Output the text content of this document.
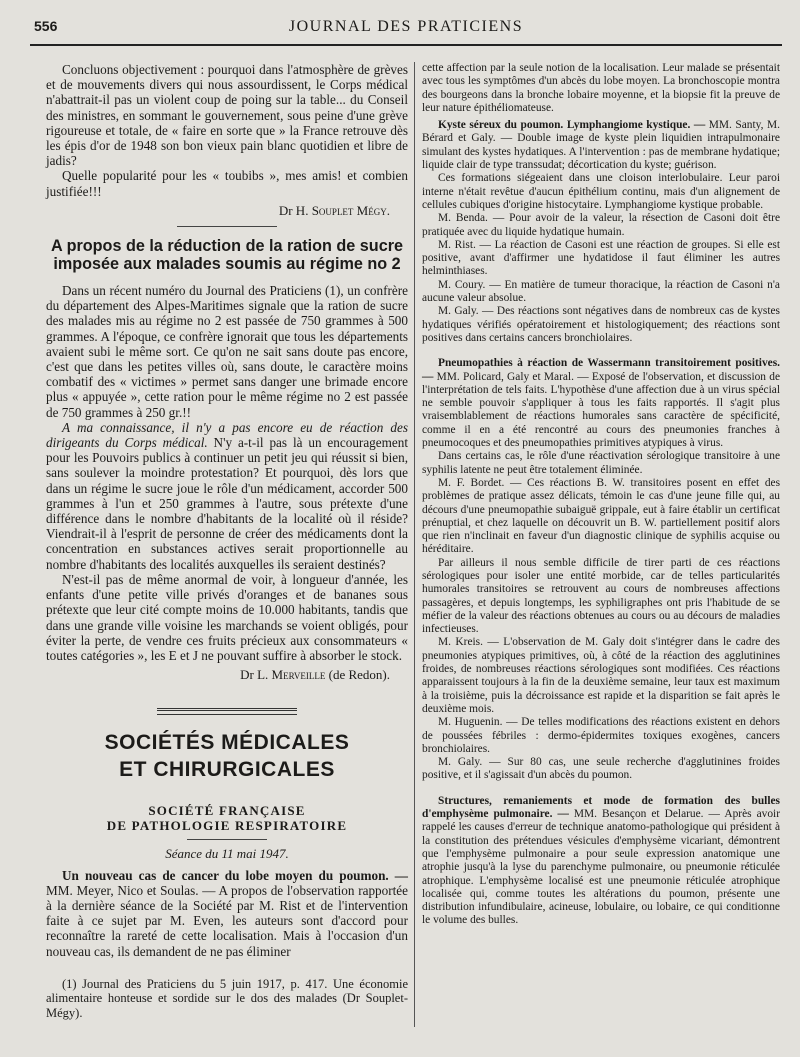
556	JOURNAL DES PRATICIENS

Concluons objectivement : pourquoi dans l'atmosphère de grèves et de mouvements divers qui nous assourdissent, le Corps médical n'abattrait-il pas un violent coup de poing sur la table... du Conseil des ministres, en sommant le gouvernement, sous peine d'une grève rigoureuse et totale, de « faire en sorte que » la France retrouve dès les épis d'or de 1948 son bon vieux pain blanc quotidien et libre de jadis?

Quelle popularité pour les « toubibs », mes amis! et combien justifiée!!!

Dr H. Souplet Mégy.
A propos de la réduction de la ration de sucre imposée aux malades soumis au régime no 2

Dans un récent numéro du Journal des Praticiens (1), un confrère du département des Alpes-Maritimes signale que la ration de sucre des malades mis au régime no 2 est passée de 750 grammes à 500 grammes. A l'époque, ce confrère ignorait que tous les départements avaient subi le même sort. Ce qu'on ne sait sans doute pas encore, c'est que dans les petites villes où, sans doute, le caractère moins combatif des « victimes » permet sans danger une brimade encore plus « appuyée », cette ration pour le même régime no 2 est passée de 750 grammes à 250 gr.!!

A ma connaissance, il n'y a pas encore eu de réaction des dirigeants du Corps médical. N'y a-t-il pas là un encouragement pour les Pouvoirs publics à continuer un petit jeu qui réussit si bien, sans soulever la moindre protestation? Et pourquoi, dès lors que dans un régime le sucre joue le rôle d'un médicament, accorder 500 grammes à l'un et 250 grammes à l'autre, sous prétexte d'une différence dans le nombre d'habitants de la localité où il réside? Viendrait-il à l'esprit de personne de créer des médicaments dont la concentration en substances actives serait proportionnelle au nombre d'habitants des localités auxquelles ils seraient destinés?

N'est-il pas de même anormal de voir, à longueur d'année, les enfants d'une petite ville privés d'oranges et de bananes sous prétexte que leur cité compte moins de 10.000 habitants, tandis que dans une grande ville voisine les marchands se voient obligés, pour éviter la perte, de vendre ces fruits précieux aux consommateurs « toutes catégories », les E et J ne pouvant suffire à absorber le stock.

Dr L. Merveille (de Redon).
SOCIÉTÉS MÉDICALES
ET CHIRURGICALES
SOCIÉTÉ FRANÇAISE
DE PATHOLOGIE RESPIRATOIRE
Séance du 11 mai 1947.

Un nouveau cas de cancer du lobe moyen du poumon. — MM. Meyer, Nico et Soulas. — A propos de l'observation rapportée à la dernière séance de la Société par M. Rist et de l'intervention faite à ce sujet par M. Even, les auteurs sont d'accord pour reconnaître la rareté de cette localisation. Mais à l'occasion d'un nouveau cas, ils demandent de ne pas éliminer

(1) Journal des Praticiens du 5 juin 1917, p. 417. Une économie alimentaire honteuse et sordide sur le dos des malades (Dr Souplet-Mégy).

cette affection par la seule notion de la localisation. Leur malade se présentait avec tous les symptômes d'un abcès du lobe moyen. La bronchoscopie montra des bourgeons dans la bronche lobaire moyenne, et la biopsie fit la preuve de leur nature épithéliomateuse.

Kyste séreux du poumon. Lymphangiome kystique. — MM. Santy, M. Bérard et Galy. — Double image de kyste plein liquidien intrapulmonaire simulant des kystes hydatiques. A l'intervention : pas de membrane hydatique; liquide clair de type transsudat; décortication du kyste; guérison.

Ces formations siégeaient dans une cloison interlobulaire. Leur paroi interne n'était revêtue d'aucun épithélium continu, mais d'un alignement de cellules cubiques d'origine histocytaire. Lymphangiome kystique probable.

M. Benda. — Pour avoir de la valeur, la résection de Casoni doit être pratiquée avec du liquide hydatique humain.

M. Rist. — La réaction de Casoni est une réaction de groupes. Si elle est positive, avant d'affirmer une hydatidose il faut éliminer les autres helminthiases.

M. Coury. — En matière de tumeur thoracique, la réaction de Casoni n'a aucune valeur absolue.

M. Galy. — Des réactions sont négatives dans de nombreux cas de kystes hydatiques vérifiés opératoirement et histologiquement; des réactions sont positives dans certains cancers bronchiolaires.

Pneumopathies à réaction de Wassermann transitoirement positives. — MM. Policard, Galy et Maral. — Exposé de l'observation, et discussion de l'interprétation de tels faits. L'hypothèse d'une affection due à un virus spécial ne semble pouvoir s'appliquer à tous les faits rapportés. Il s'agit plus vraisemblablement de réactions humorales sans caractère de spécificité, comme il en a été rencontré au cours des pneumonies franches à pneumocoques et des pneumopathies primitives atypiques à virus.

Dans certains cas, le rôle d'une réactivation sérologique transitoire à une syphilis latente ne peut être totalement éliminée.

M. F. Bordet. — Ces réactions B. W. transitoires posent en effet des problèmes de pratique assez délicats, témoin le cas d'une jeune fille qui, au décours d'une pneumopathie subaiguë grippale, eut à faire établir un certificat prénuptial, et chez laquelle on découvrit un B. W. partiellement positif alors que rien n'inclinait en faveur d'un diagnostic clinique de syphilis acquise ou héréditaire.

Par ailleurs il nous semble difficile de tirer parti de ces réactions sérologiques pour isoler une entité morbide, car de telles particularités humorales transitoires se retrouvent au cours de nombreuses affections passagères, et depuis longtemps, les syphiligraphes ont pris l'habitude de se méfier de la valeur des réactions obtenues au cours ou au décours de maladies infectieuses.

M. Kreis. — L'observation de M. Galy doit s'intégrer dans le cadre des pneumonies atypiques primitives, où, à côté de la réaction des agglutinines froides, de nombreuses réactions sérologiques sont modifiées. Ces réactions apparaissent toujours à la fin de la deuxième semaine, leur taux est maximum à la troisième, puis la décroissance est rapide et la disparition se fait après le deuxième mois.

M. Huguenin. — De telles modifications des réactions existent en dehors de poussées fébriles : dermo-épidermites toxiques exogènes, cancers bronchiolaires.

M. Galy. — Sur 80 cas, une seule recherche d'agglutinines froides positive, et il s'agissait d'un abcès du poumon.

Structures, remaniements et mode de formation des bulles d'emphysème pulmonaire. — MM. Besançon et Delarue. — Après avoir rappelé les causes d'erreur de technique anatomo-pathologique qui président à la constitution des prétendues vésicules d'emphysème vicariant, démontrent que l'emphysème pulmonaire a pour seule expression anatomique une atrophie jusqu'à la lyse du parenchyme pulmonaire, ou pneumonie réticulée atrophique. L'emphysème localisé est une pneumonie réticulée atrophique localisée qui, comme toutes les altérations du poumon, présente une distribution infundibulaire, acineuse, lobulaire, ou lobaire, ce qui conditionne le volume des bulles.
